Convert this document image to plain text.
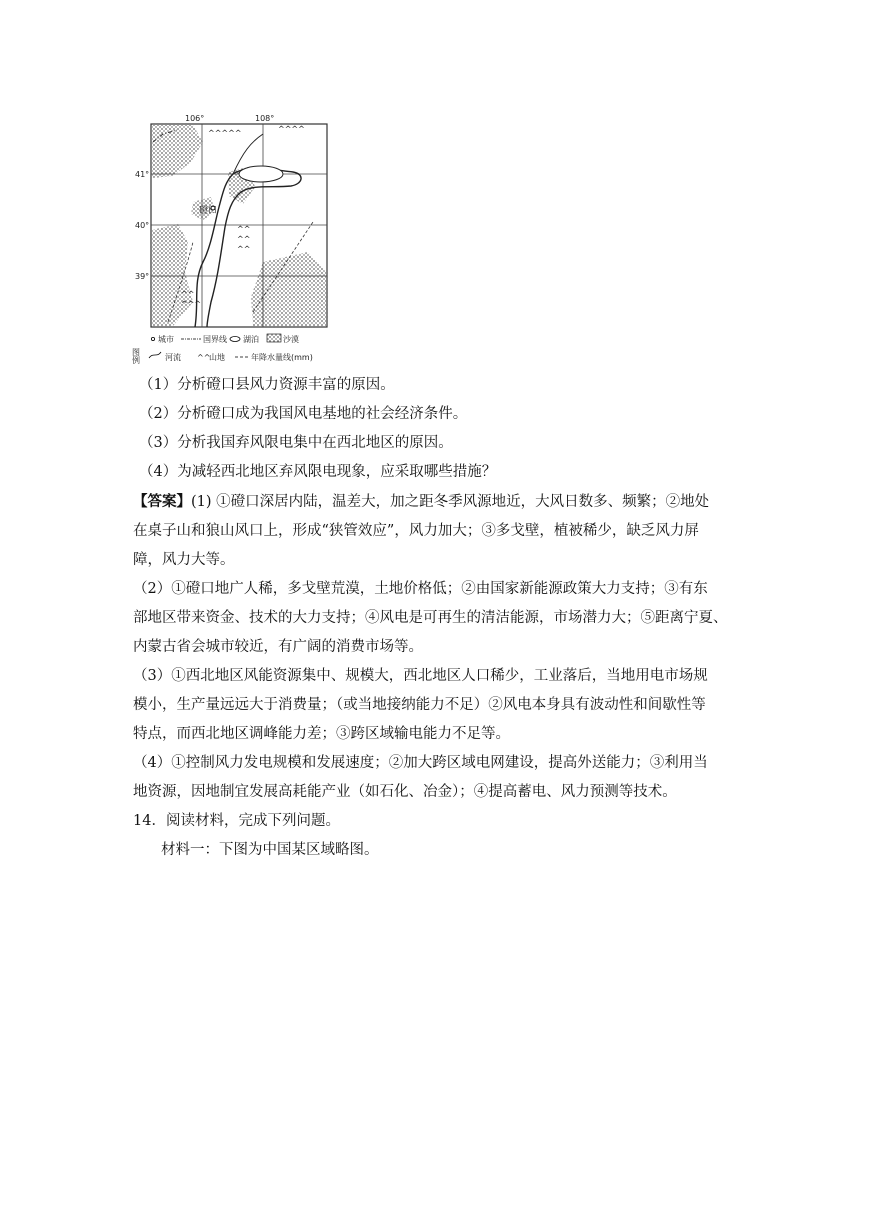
^^^^^	^^^^
^^
^^
^^
^^
^^^
磴口
106°	108°
41°
40°
39°
图例
城市	国界线 湖泊	沙漠
河流 ^^
山地	年降水量线(mm)
（1）分析磴口县风力资源丰富的原因。
（2）分析磴口成为我国风电基地的社会经济条件。
（3）分析我国弃风限电集中在西北地区的原因。
（4）为减轻西北地区弃风限电现象，应采取哪些措施？
【答案】(1) ①磴口深居内陆，温差大，加之距冬季风源地近，大风日数多、频繁；②地处
在桌子山和狼山风口上，形成“狭管效应”，风力加大；③多戈壁，植被稀少，缺乏风力屏
障，风力大等。
（2）①磴口地广人稀，多戈壁荒漠，土地价格低；②由国家新能源政策大力支持；③有东
部地区带来资金、技术的大力支持；④风电是可再生的清洁能源，市场潜力大；⑤距离宁夏、
内蒙古省会城市较近，有广阔的消费市场等。
（3）①西北地区风能资源集中、规模大，西北地区人口稀少，工业落后，当地用电市场规
模小，生产量远远大于消费量；（或当地接纳能力不足）②风电本身具有波动性和间歇性等
特点，而西北地区调峰能力差；③跨区域输电能力不足等。
（4）①控制风力发电规模和发展速度；②加大跨区域电网建设，提高外送能力；③利用当
地资源，因地制宜发展高耗能产业（如石化、冶金）；④提高蓄电、风力预测等技术。
14．阅读材料，完成下列问题。
材料一：下图为中国某区域略图。
